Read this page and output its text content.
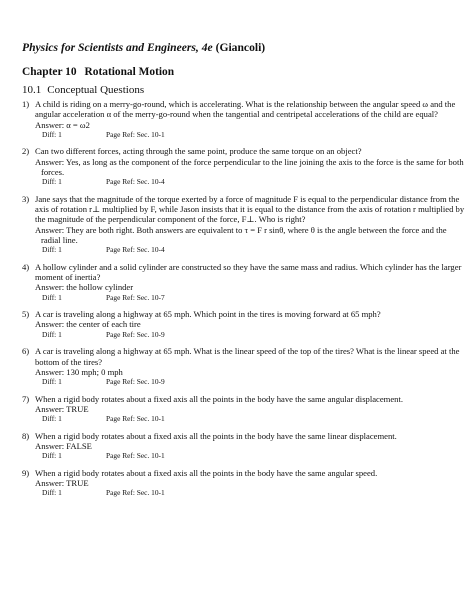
Physics for Scientists and Engineers, 4e (Giancoli)
Chapter 10 Rotational Motion
10.1 Conceptual Questions
1) A child is riding on a merry-go-round, which is accelerating. What is the relationship between the angular speed ω and the angular acceleration α of the merry-go-round when the tangential and centripetal accelerations of the child are equal?
Answer: α = ω2
Diff: 1	Page Ref: Sec. 10-1
2) Can two different forces, acting through the same point, produce the same torque on an object?
Answer: Yes, as long as the component of the force perpendicular to the line joining the axis to the force is the same for both forces.
Diff: 1	Page Ref: Sec. 10-4
3) Jane says that the magnitude of the torque exerted by a force of magnitude F is equal to the perpendicular distance from the axis of rotation r⊥ multiplied by F, while Jason insists that it is equal to the distance from the axis of rotation r multiplied by the magnitude of the perpendicular component of the force, F⊥. Who is right?
Answer: They are both right. Both answers are equivalent to τ = F r sinθ, where θ is the angle between the force and the radial line.
Diff: 1	Page Ref: Sec. 10-4
4) A hollow cylinder and a solid cylinder are constructed so they have the same mass and radius. Which cylinder has the larger moment of inertia?
Answer: the hollow cylinder
Diff: 1	Page Ref: Sec. 10-7
5) A car is traveling along a highway at 65 mph. Which point in the tires is moving forward at 65 mph?
Answer: the center of each tire
Diff: 1	Page Ref: Sec. 10-9
6) A car is traveling along a highway at 65 mph. What is the linear speed of the top of the tires? What is the linear speed at the bottom of the tires?
Answer: 130 mph; 0 mph
Diff: 1	Page Ref: Sec. 10-9
7) When a rigid body rotates about a fixed axis all the points in the body have the same angular displacement.
Answer: TRUE
Diff: 1	Page Ref: Sec. 10-1
8) When a rigid body rotates about a fixed axis all the points in the body have the same linear displacement.
Answer: FALSE
Diff: 1	Page Ref: Sec. 10-1
9) When a rigid body rotates about a fixed axis all the points in the body have the same angular speed.
Answer: TRUE
Diff: 1	Page Ref: Sec. 10-1
